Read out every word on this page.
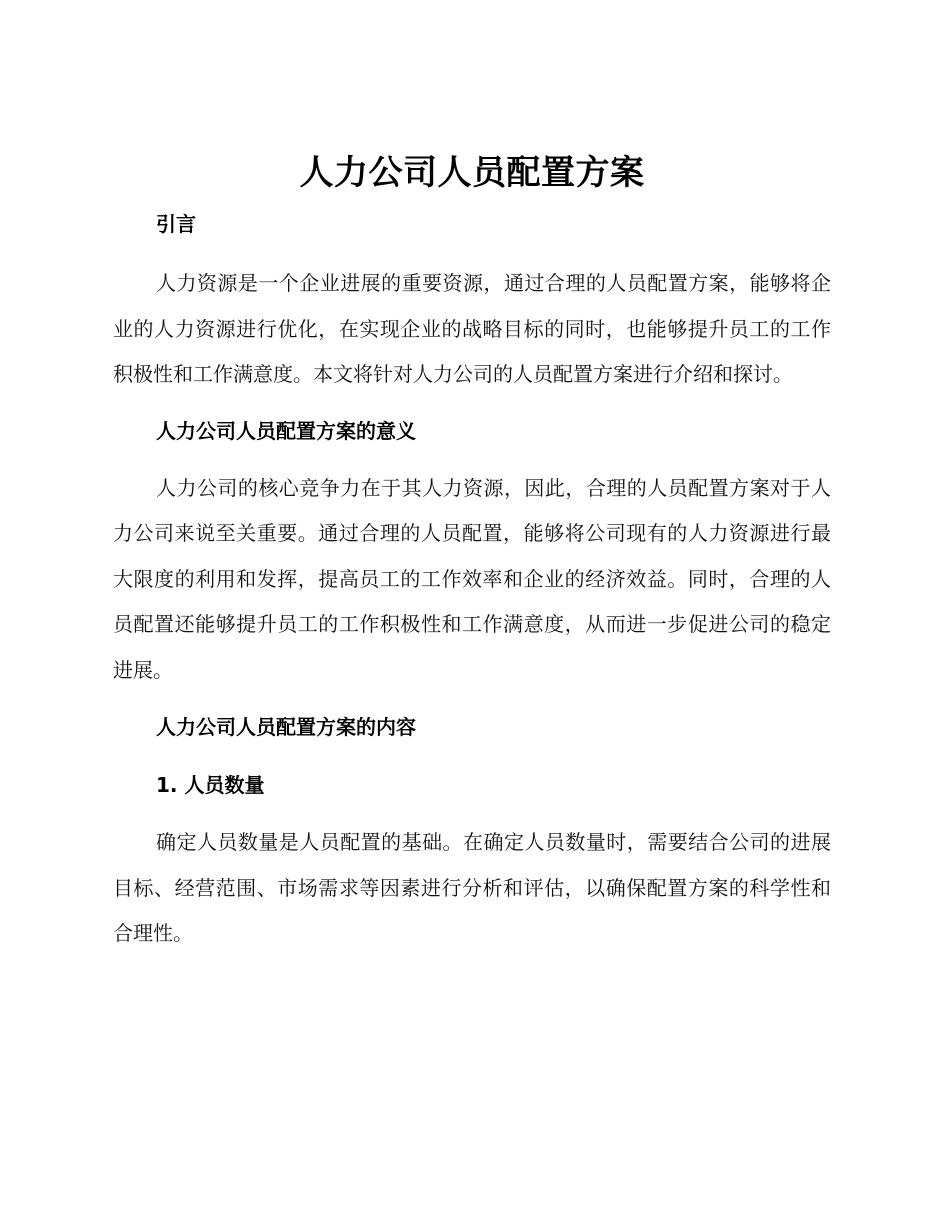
人力公司人员配置方案
引言

人力资源是一个企业进展的重要资源，通过合理的人员配置方案，能够将企业的人力资源进行优化，在实现企业的战略目标的同时，也能够提升员工的工作积极性和工作满意度。本文将针对人力公司的人员配置方案进行介绍和探讨。

人力公司人员配置方案的意义

人力公司的核心竞争力在于其人力资源，因此，合理的人员配置方案对于人力公司来说至关重要。通过合理的人员配置，能够将公司现有的人力资源进行最大限度的利用和发挥，提高员工的工作效率和企业的经济效益。同时，合理的人员配置还能够提升员工的工作积极性和工作满意度，从而进一步促进公司的稳定进展。

人力公司人员配置方案的内容
1. 人员数量

确定人员数量是人员配置的基础。在确定人员数量时，需要结合公司的进展目标、经营范围、市场需求等因素进行分析和评估，以确保配置方案的科学性和合理性。
